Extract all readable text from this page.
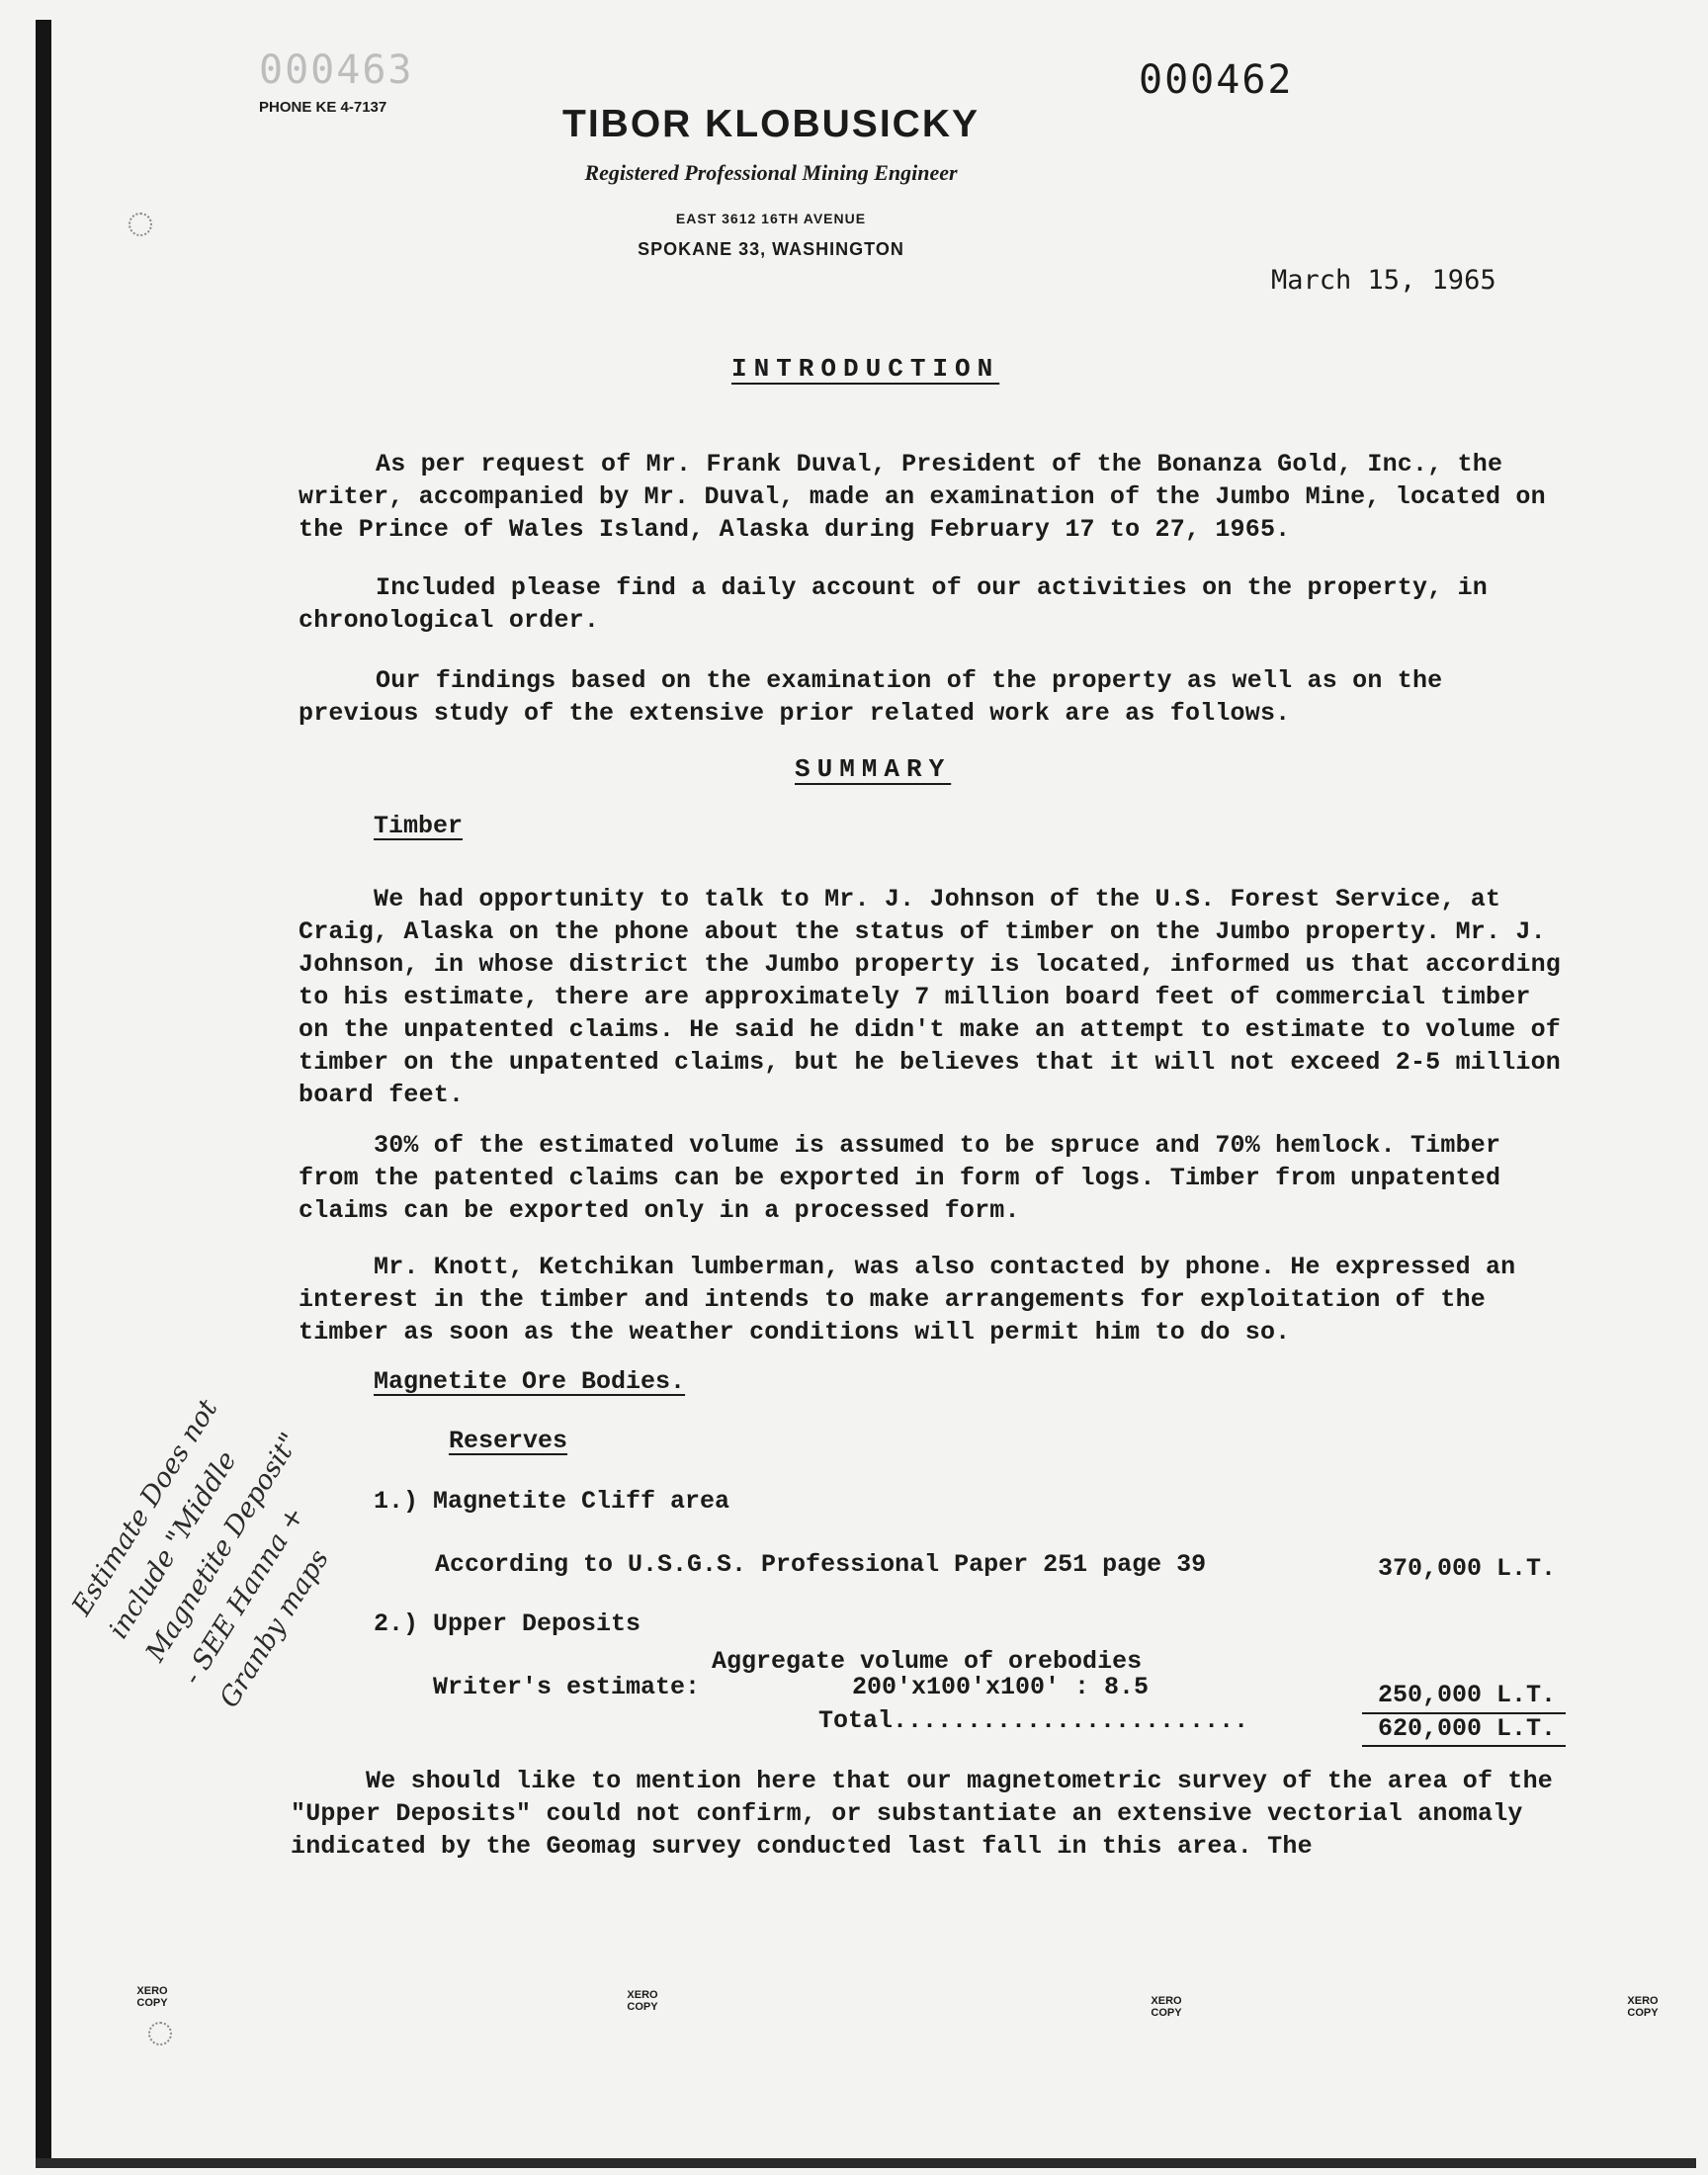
000463
PHONE KE 4-7137
000462
TIBOR KLOBUSICKY
Registered Professional Mining Engineer
EAST 3612 16TH AVENUE
SPOKANE 33, WASHINGTON
March 15, 1965
INTRODUCTION
As per request of Mr. Frank Duval, President of the Bonanza Gold, Inc., the writer, accompanied by Mr. Duval, made an examination of the Jumbo Mine, located on the Prince of Wales Island, Alaska during February 17 to 27, 1965.
Included please find a daily account of our activities on the property, in chronological order.
Our findings based on the examination of the property as well as on the previous study of the extensive prior related work are as follows.
SUMMARY
Timber
We had opportunity to talk to Mr. J. Johnson of the U.S. Forest Service, at Craig, Alaska on the phone about the status of timber on the Jumbo property. Mr. J. Johnson, in whose district the Jumbo property is located, informed us that according to his estimate, there are approximately 7 million board feet of commercial timber on the unpatented claims. He said he didn't make an attempt to estimate to volume of timber on the unpatented claims, but he believes that it will not exceed 2-5 million board feet.
30% of the estimated volume is assumed to be spruce and 70% hemlock. Timber from the patented claims can be exported in form of logs. Timber from unpatented claims can be exported only in a processed form.
Mr. Knott, Ketchikan lumberman, was also contacted by phone. He expressed an interest in the timber and intends to make arrangements for exploitation of the timber as soon as the weather conditions will permit him to do so.
Magnetite Ore Bodies.
Reserves
1.) Magnetite Cliff area
According to U.S.G.S. Professional Paper 251 page 39	370,000 L.T.
2.) Upper Deposits
Aggregate volume of orebodies
Writer's estimate:	200'x100'x100' : 8.5	250,000 L.T.
Total........................	620,000 L.T.
We should like to mention here that our magnetometric survey of the area of the "Upper Deposits" could not confirm, or substantiate an extensive vectorial anomaly indicated by the Geomag survey conducted last fall in this area. The
Estimate Does not include "Middle Magnetite Deposit" - SEE Hanna + Granby maps
XERO COPY
XERO COPY	XERO COPY
XERO COPY
